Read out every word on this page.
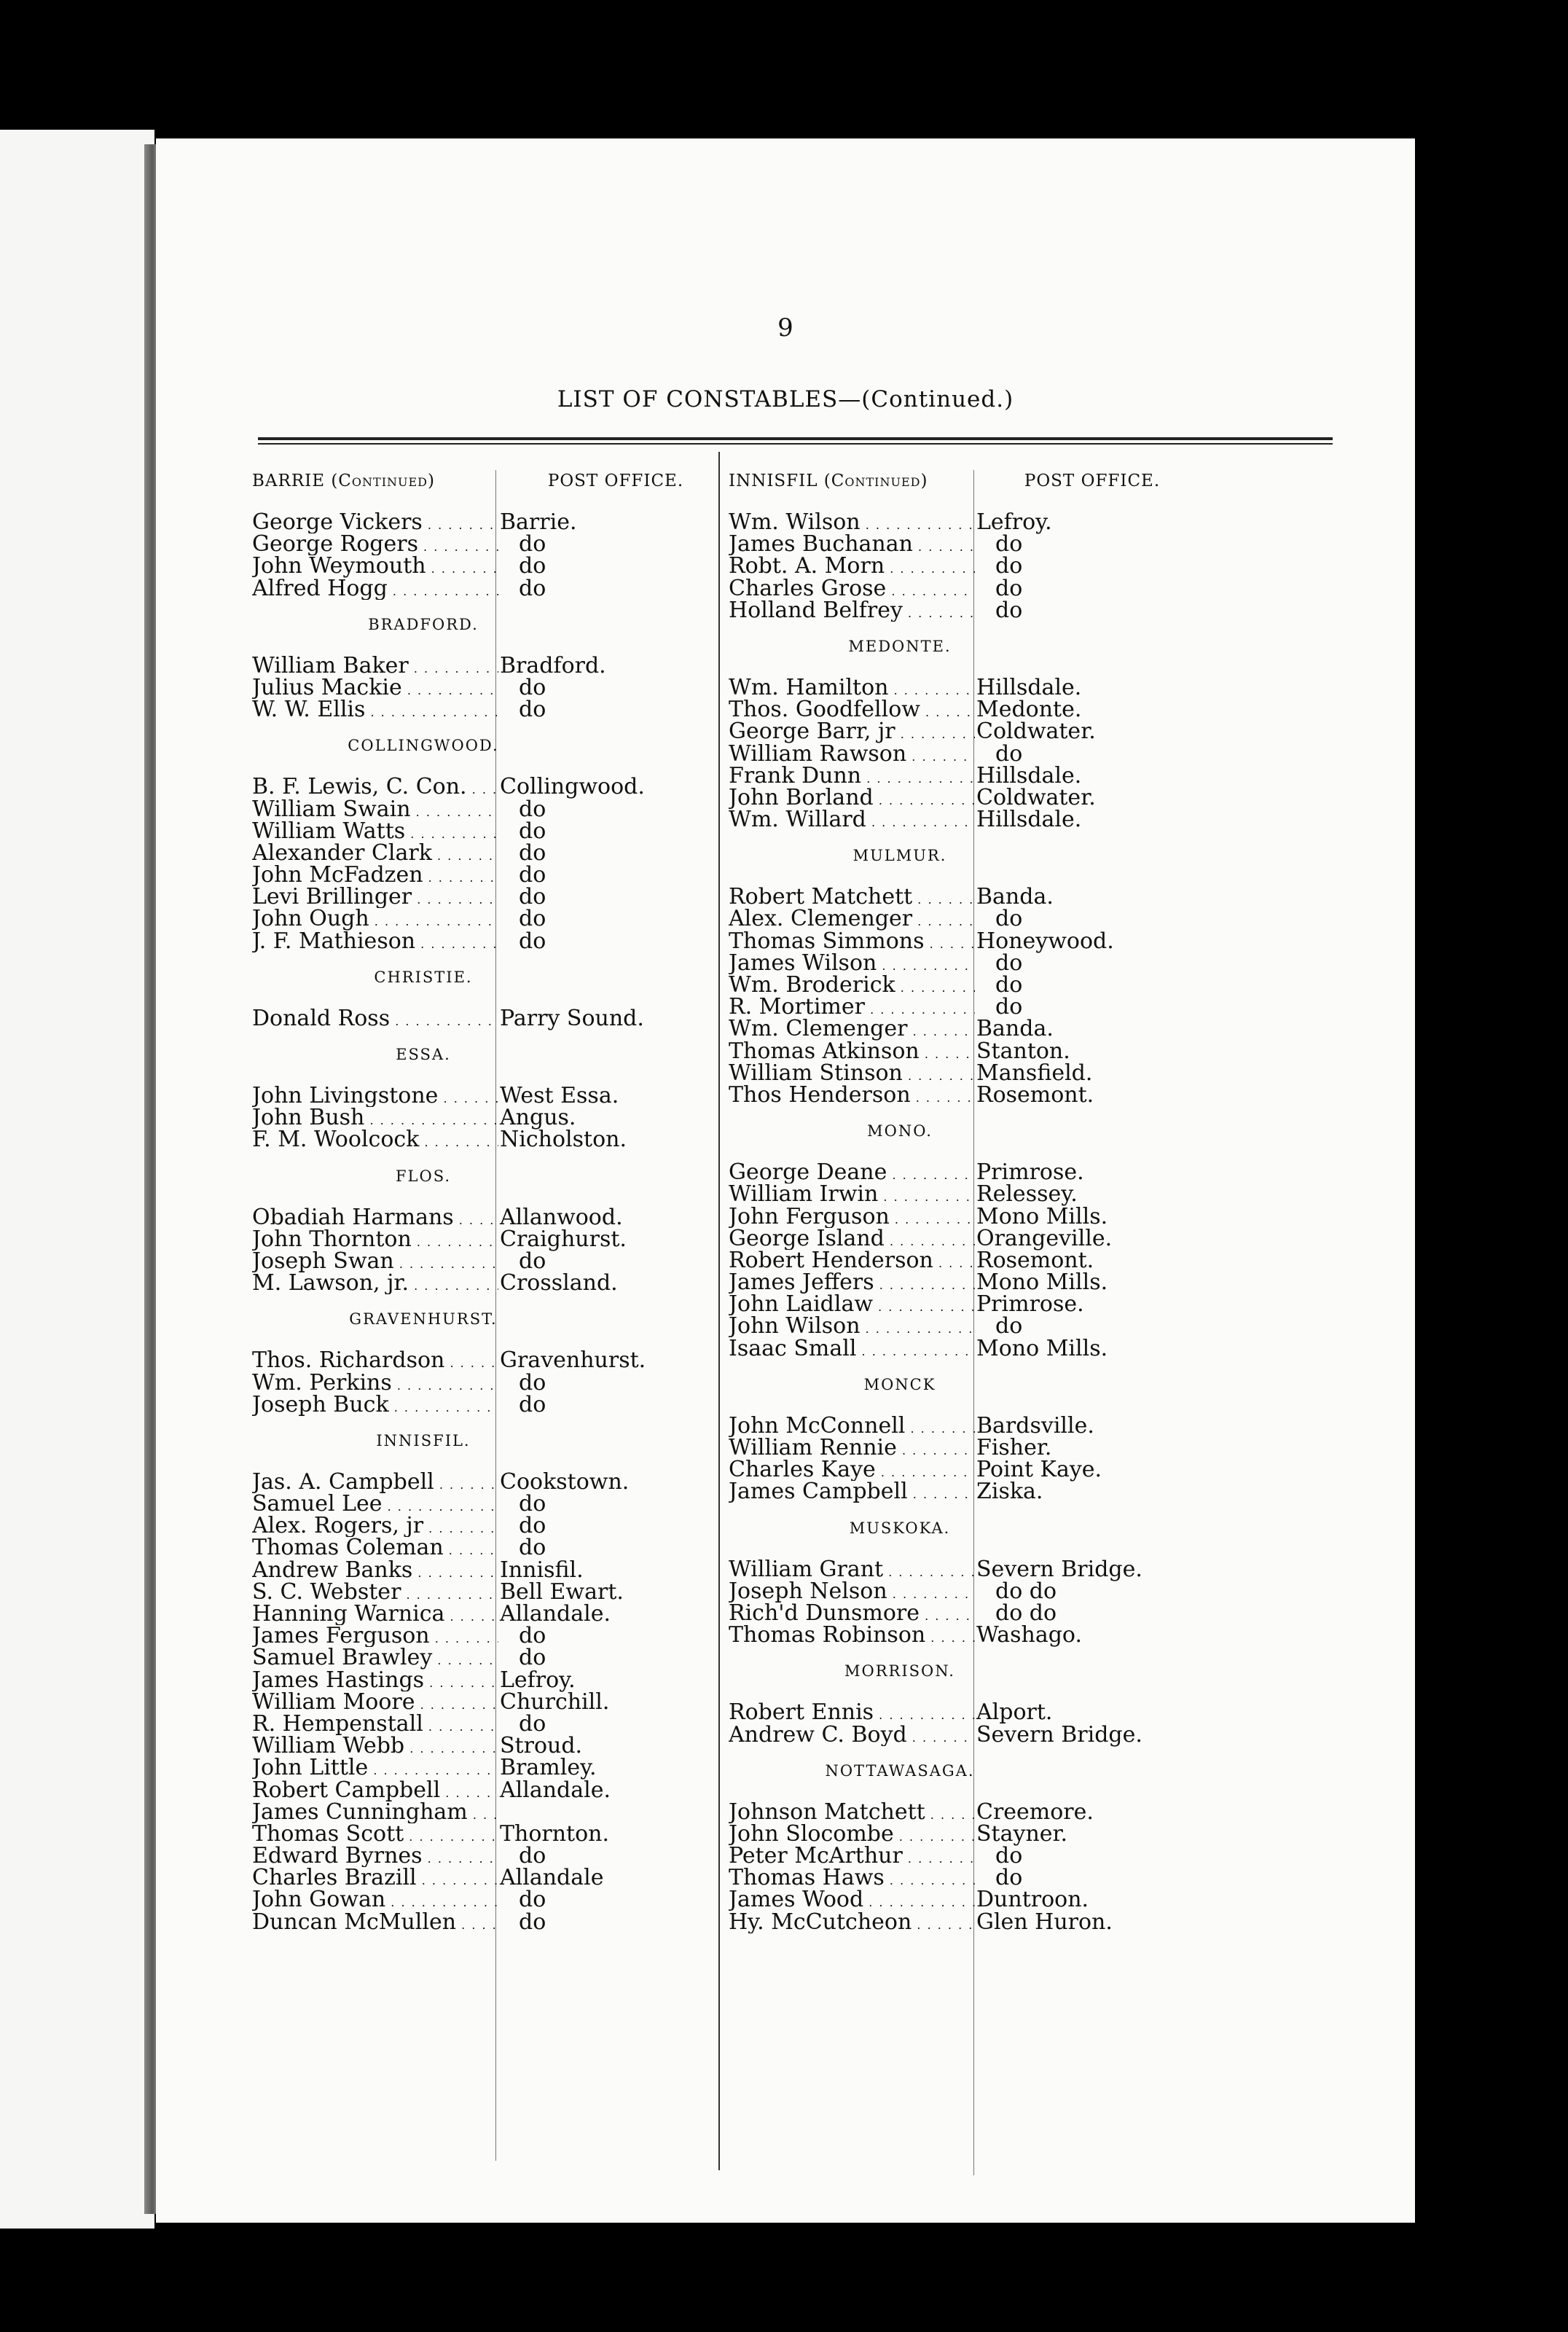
9
LIST OF CONSTABLES—(Continued.)
BARRIE (Continued)	POST OFFICE.
George Vickers . . .	Barrie.
George Rogers . . .	do
John Weymouth . . .	do
Alfred Hogg . . .	do
BRADFORD.
William Baker . . .	Bradford.
Julius Mackie . . .	do
W. W. Ellis . . .	do
COLLINGWOOD.
B. F. Lewis, C. Con. . . .	Collingwood.
William Swain . . .	do
William Watts . . .	do
Alexander Clark . . .	do
John McFadzen . . .	do
Levi Brillinger . . .	do
John Ough . . .	do
J. F. Mathieson . . .	do
CHRISTIE.
Donald Ross . . .	Parry Sound.
ESSA.
John Livingstone . . .	West Essa.
John Bush . . .	Angus.
F. M. Woolcock . . .	Nicholston.
FLOS.
Obadiah Harmans . . .	Allanwood.
John Thornton . . .	Craighurst.
Joseph Swan . . .	do
M. Lawson, jr. . . .	Crossland.
GRAVENHURST.
Thos. Richardson . . .	Gravenhurst.
Wm. Perkins . . .	do
Joseph Buck . . .	do
INNISFIL.
Jas. A. Campbell . . .	Cookstown.
Samuel Lee . . .	do
Alex. Rogers, jr . . .	do
Thomas Coleman . . .	do
Andrew Banks . . .	Innisfil.
S. C. Webster . . .	Bell Ewart.
Hanning Warnica . . .	Allandale.
James Ferguson . . .	do
Samuel Brawley . . .	do
James Hastings . . .	Lefroy.
William Moore . . .	Churchill.
R. Hempenstall . . .	do
William Webb . . .	Stroud.
John Little . . .	Bramley.
Robert Campbell . . .	Allandale.
James Cunningham . . .
Thomas Scott . . .	Thornton.
Edward Byrnes . . .	do
Charles Brazill . . .	Allandale
John Gowan . . .	do
Duncan McMullen . . .	do
INNISFIL (Continued)	POST OFFICE.
Wm. Wilson . . .	Lefroy.
James Buchanan . . .	do
Robt. A. Morn . . .	do
Charles Grose . . .	do
Holland Belfrey . . .	do
MEDONTE.
Wm. Hamilton . . .	Hillsdale.
Thos. Goodfellow . . .	Medonte.
George Barr, jr . . .	Coldwater.
William Rawson . . .	do
Frank Dunn . . .	Hillsdale.
John Borland . . .	Coldwater.
Wm. Willard . . .	Hillsdale.
MULMUR.
Robert Matchett . . .	Banda.
Alex. Clemenger . . .	do
Thomas Simmons . . .	Honeywood.
James Wilson . . .	do
Wm. Broderick . . .	do
R. Mortimer . . .	do
Wm. Clemenger . . .	Banda.
Thomas Atkinson . . .	Stanton.
William Stinson . . .	Mansfield.
Thos Henderson . . .	Rosemont.
MONO.
George Deane . . .	Primrose.
William Irwin . . .	Relessey.
John Ferguson . . .	Mono Mills.
George Island . . .	Orangeville.
Robert Henderson . . .	Rosemont.
James Jeffers . . .	Mono Mills.
John Laidlaw . . .	Primrose.
John Wilson . . .	do
Isaac Small . . .	Mono Mills.
MONCK
John McConnell . . .	Bardsville.
William Rennie . . .	Fisher.
Charles Kaye . . .	Point Kaye.
James Campbell . . .	Ziska.
MUSKOKA.
William Grant . . .	Severn Bridge.
Joseph Nelson . . .	do do
Rich'd Dunsmore . . .	do do
Thomas Robinson . . .	Washago.
MORRISON.
Robert Ennis . . .	Alport.
Andrew C. Boyd . . .	Severn Bridge.
NOTTAWASAGA.
Johnson Matchett . . .	Creemore.
John Slocombe . . .	Stayner.
Peter McArthur . . .	do
Thomas Haws . . .	do
James Wood . . .	Duntroon.
Hy. McCutcheon . . .	Glen Huron.
